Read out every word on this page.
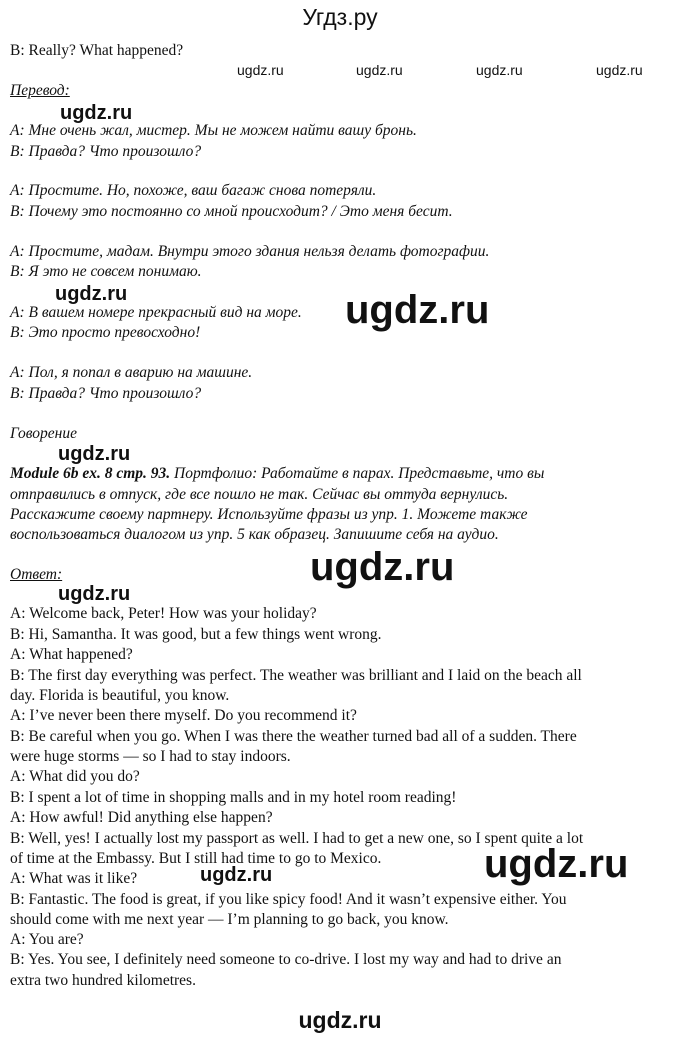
Угдз.ру
ugdz.ru	ugdz.ru	ugdz.ru	ugdz.ru
B: Really? What happened?
Перевод:
ugdz.ru
A: Мне очень жал, мистер. Мы не можем найти вашу бронь.
B: Правда? Что произошло?
A: Простите. Но, похоже, ваш багаж снова потеряли.
B: Почему это постоянно со мной происходит? / Это меня бесит.
A: Простите, мадам. Внутри этого здания нельзя делать фотографии.
B: Я это не совсем понимаю.
ugdz.ru
A: В вашем номере прекрасный вид на море. ugdz.ru
B: Это просто превосходно!
A: Пол, я попал в аварию на машине.
B: Правда? Что произошло?
Говорение
ugdz.ru
Module 6b ex. 8 стр. 93. Портфолио: Работайте в парах. Представьте, что вы
отправились в отпуск, где все пошло не так. Сейчас вы оттуда вернулись.
Расскажите своему партнеру. Используйте фразы из упр. 1. Можете также
воспользоваться диалогом из упр. 5 как образец. Запишите себя на аудио.
Ответ:	ugdz.ru
ugdz.ru
A: Welcome back, Peter! How was your holiday?
B: Hi, Samantha. It was good, but a few things went wrong.
A: What happened?
B: The first day everything was perfect. The weather was brilliant and I laid on the beach all
day. Florida is beautiful, you know.
A: I’ve never been there myself. Do you recommend it?
B: Be careful when you go. When I was there the weather turned bad all of a sudden. There
were huge storms — so I had to stay indoors.
A: What did you do?
B: I spent a lot of time in shopping malls and in my hotel room reading!
A: How awful! Did anything else happen?
B: Well, yes! I actually lost my passport as well. I had to get a new one, so I spent quite a lot
of time at the Embassy. But I still had time to go to Mexico.	ugdz.ru
A: What was it like?	ugdz.ru
B: Fantastic. The food is great, if you like spicy food! And it wasn’t expensive either. You
should come with me next year — I’m planning to go back, you know.
A: You are?
B: Yes. You see, I definitely need someone to co-drive. I lost my way and had to drive an
extra two hundred kilometres.
ugdz.ru
